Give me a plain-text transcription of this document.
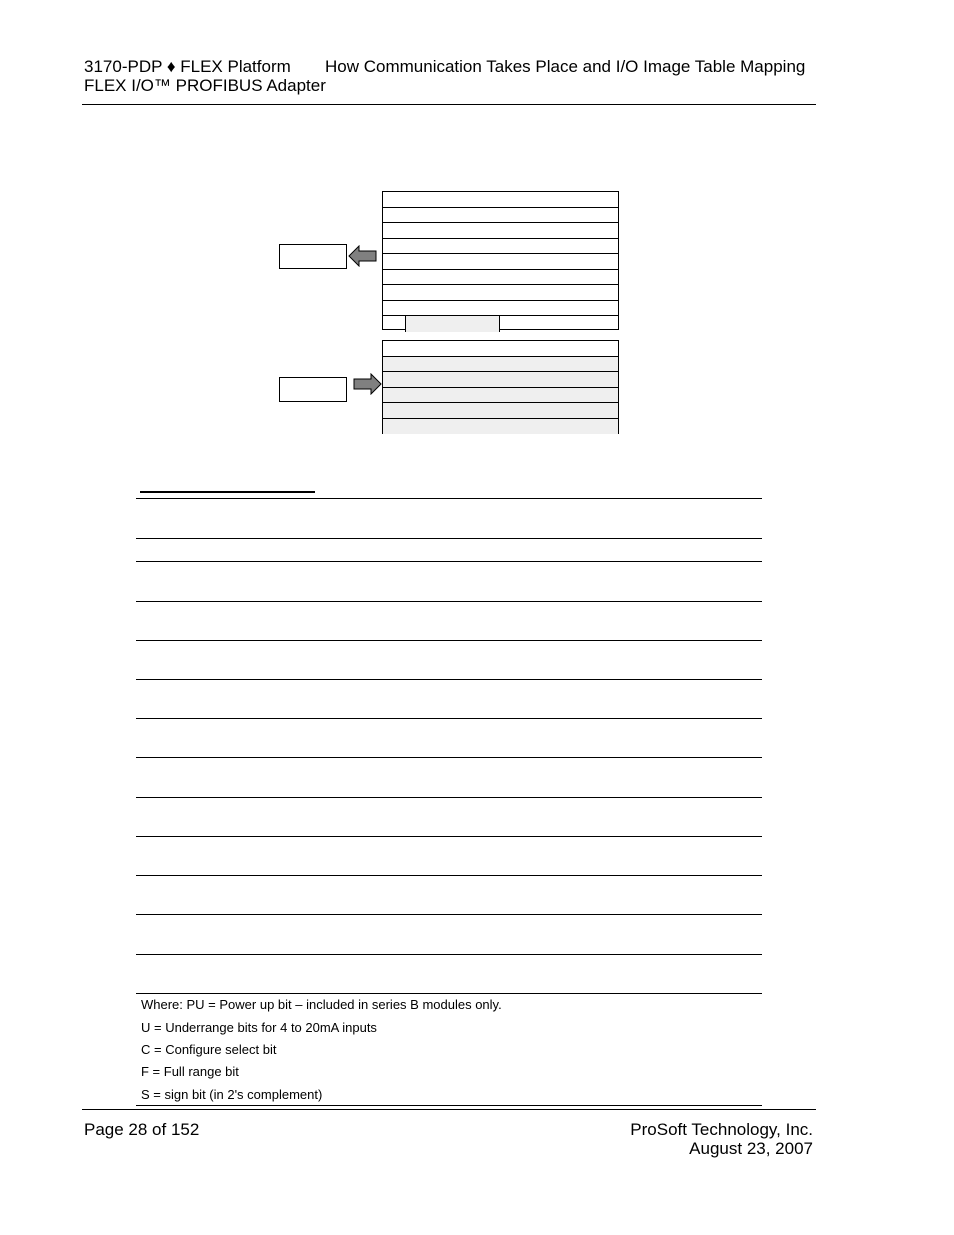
3170-PDP ♦ FLEX Platform How Communication Takes Place and I/O Image Table Mapping
FLEX I/O™ PROFIBUS Adapter
Where: PU = Power up bit – included in series B modules only.
U = Underrange bits for 4 to 20mA inputs
C = Configure select bit
F = Full range bit
S = sign bit (in 2's complement)
Page 28 of 152	ProSoft Technology, Inc.
August 23, 2007
